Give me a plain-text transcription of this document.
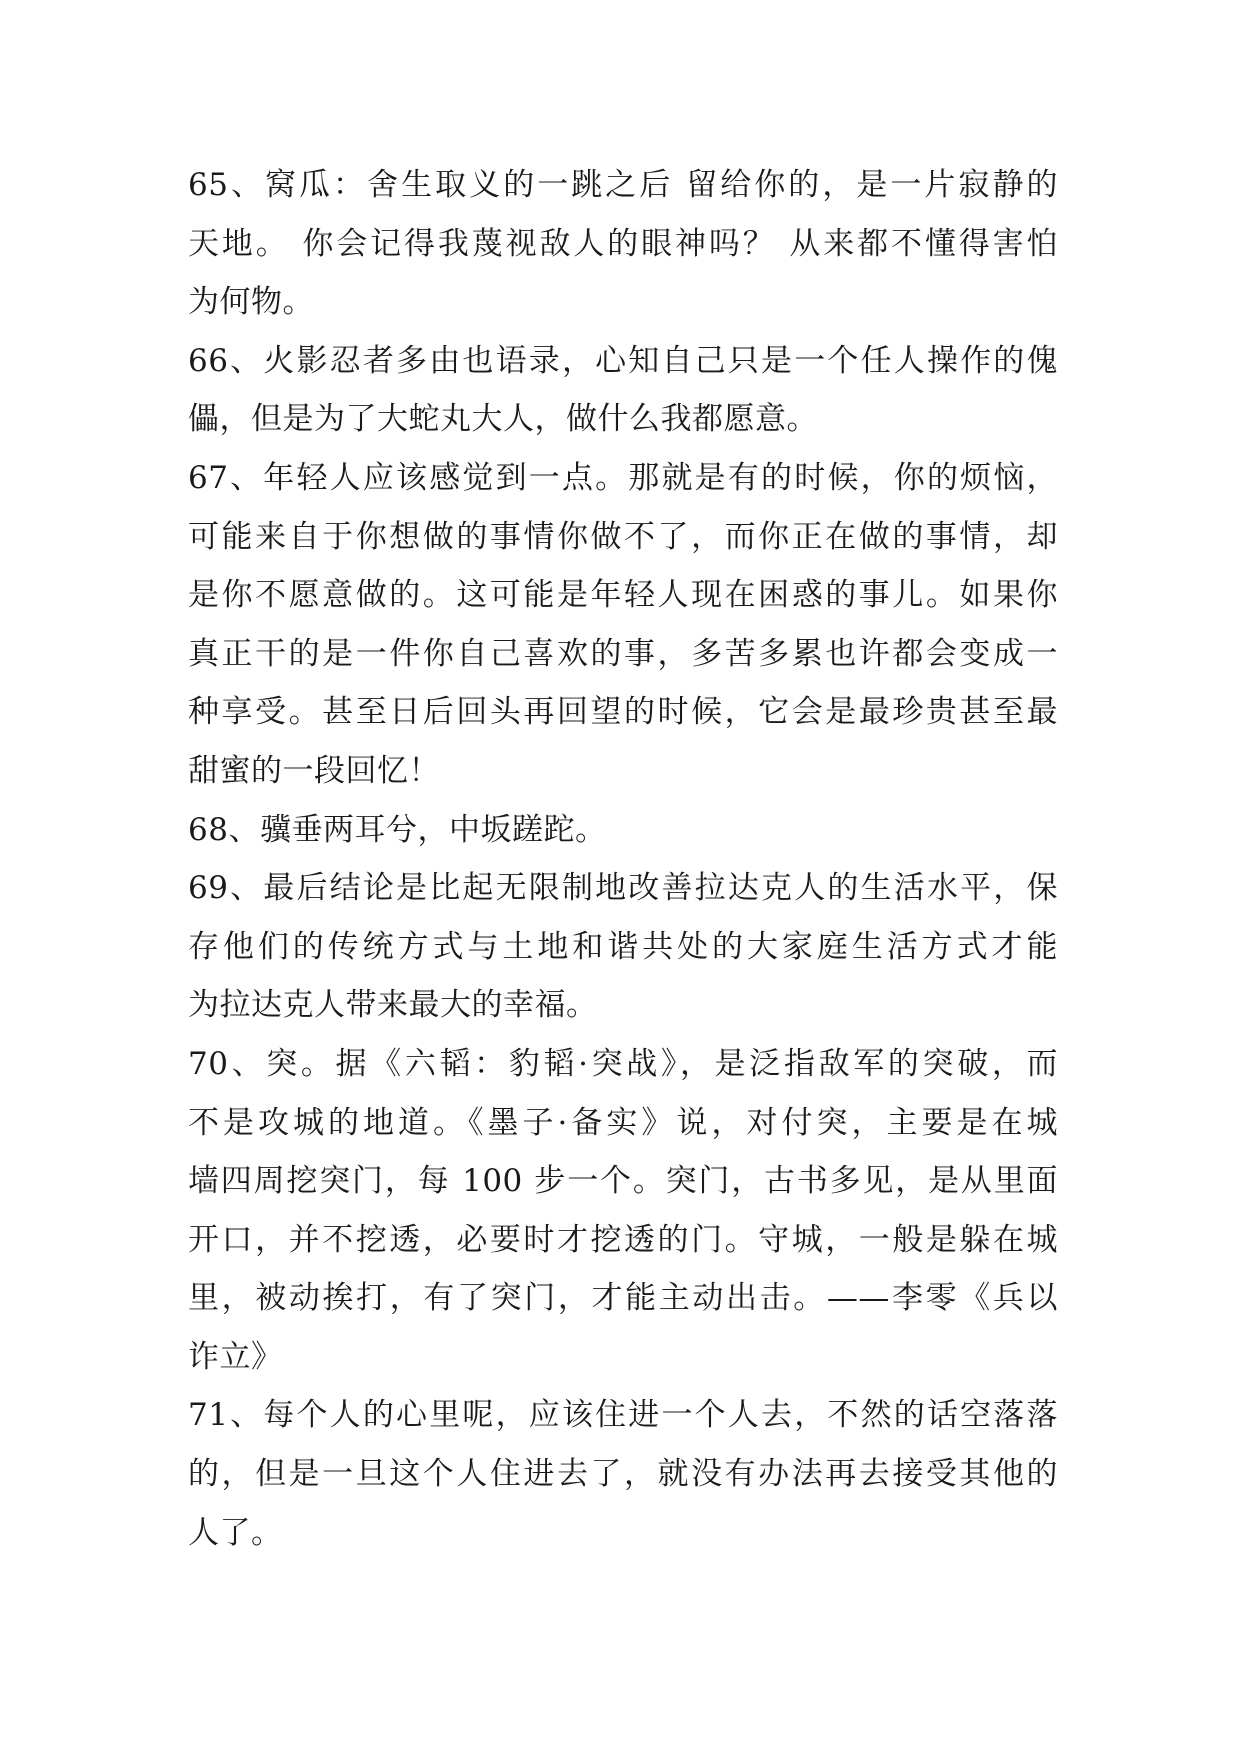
65、窝瓜：舍生取义的一跳之后 留给你的，是一片寂静的
天地。 你会记得我蔑视敌人的眼神吗？ 从来都不懂得害怕
为何物。
66、火影忍者多由也语录，心知自己只是一个任人操作的傀
儡，但是为了大蛇丸大人，做什么我都愿意。
67、年轻人应该感觉到一点。那就是有的时候，你的烦恼，
可能来自于你想做的事情你做不了，而你正在做的事情，却
是你不愿意做的。这可能是年轻人现在困惑的事儿。如果你
真正干的是一件你自己喜欢的事，多苦多累也许都会变成一
种享受。甚至日后回头再回望的时候，它会是最珍贵甚至最
甜蜜的一段回忆！
68、骥垂两耳兮，中坂蹉跎。
69、最后结论是比起无限制地改善拉达克人的生活水平，保
存他们的传统方式与土地和谐共处的大家庭生活方式才能
为拉达克人带来最大的幸福。
70、突。据《六韬：豹韬·突战》，是泛指敌军的突破，而
不是攻城的地道。《墨子·备实》说，对付突，主要是在城
墙四周挖突门，每 100 步一个。突门，古书多见，是从里面
开口，并不挖透，必要时才挖透的门。守城，一般是躲在城
里，被动挨打，有了突门，才能主动出击。——李零《兵以
诈立》
71、每个人的心里呢，应该住进一个人去，不然的话空落落
的，但是一旦这个人住进去了，就没有办法再去接受其他的
人了。
